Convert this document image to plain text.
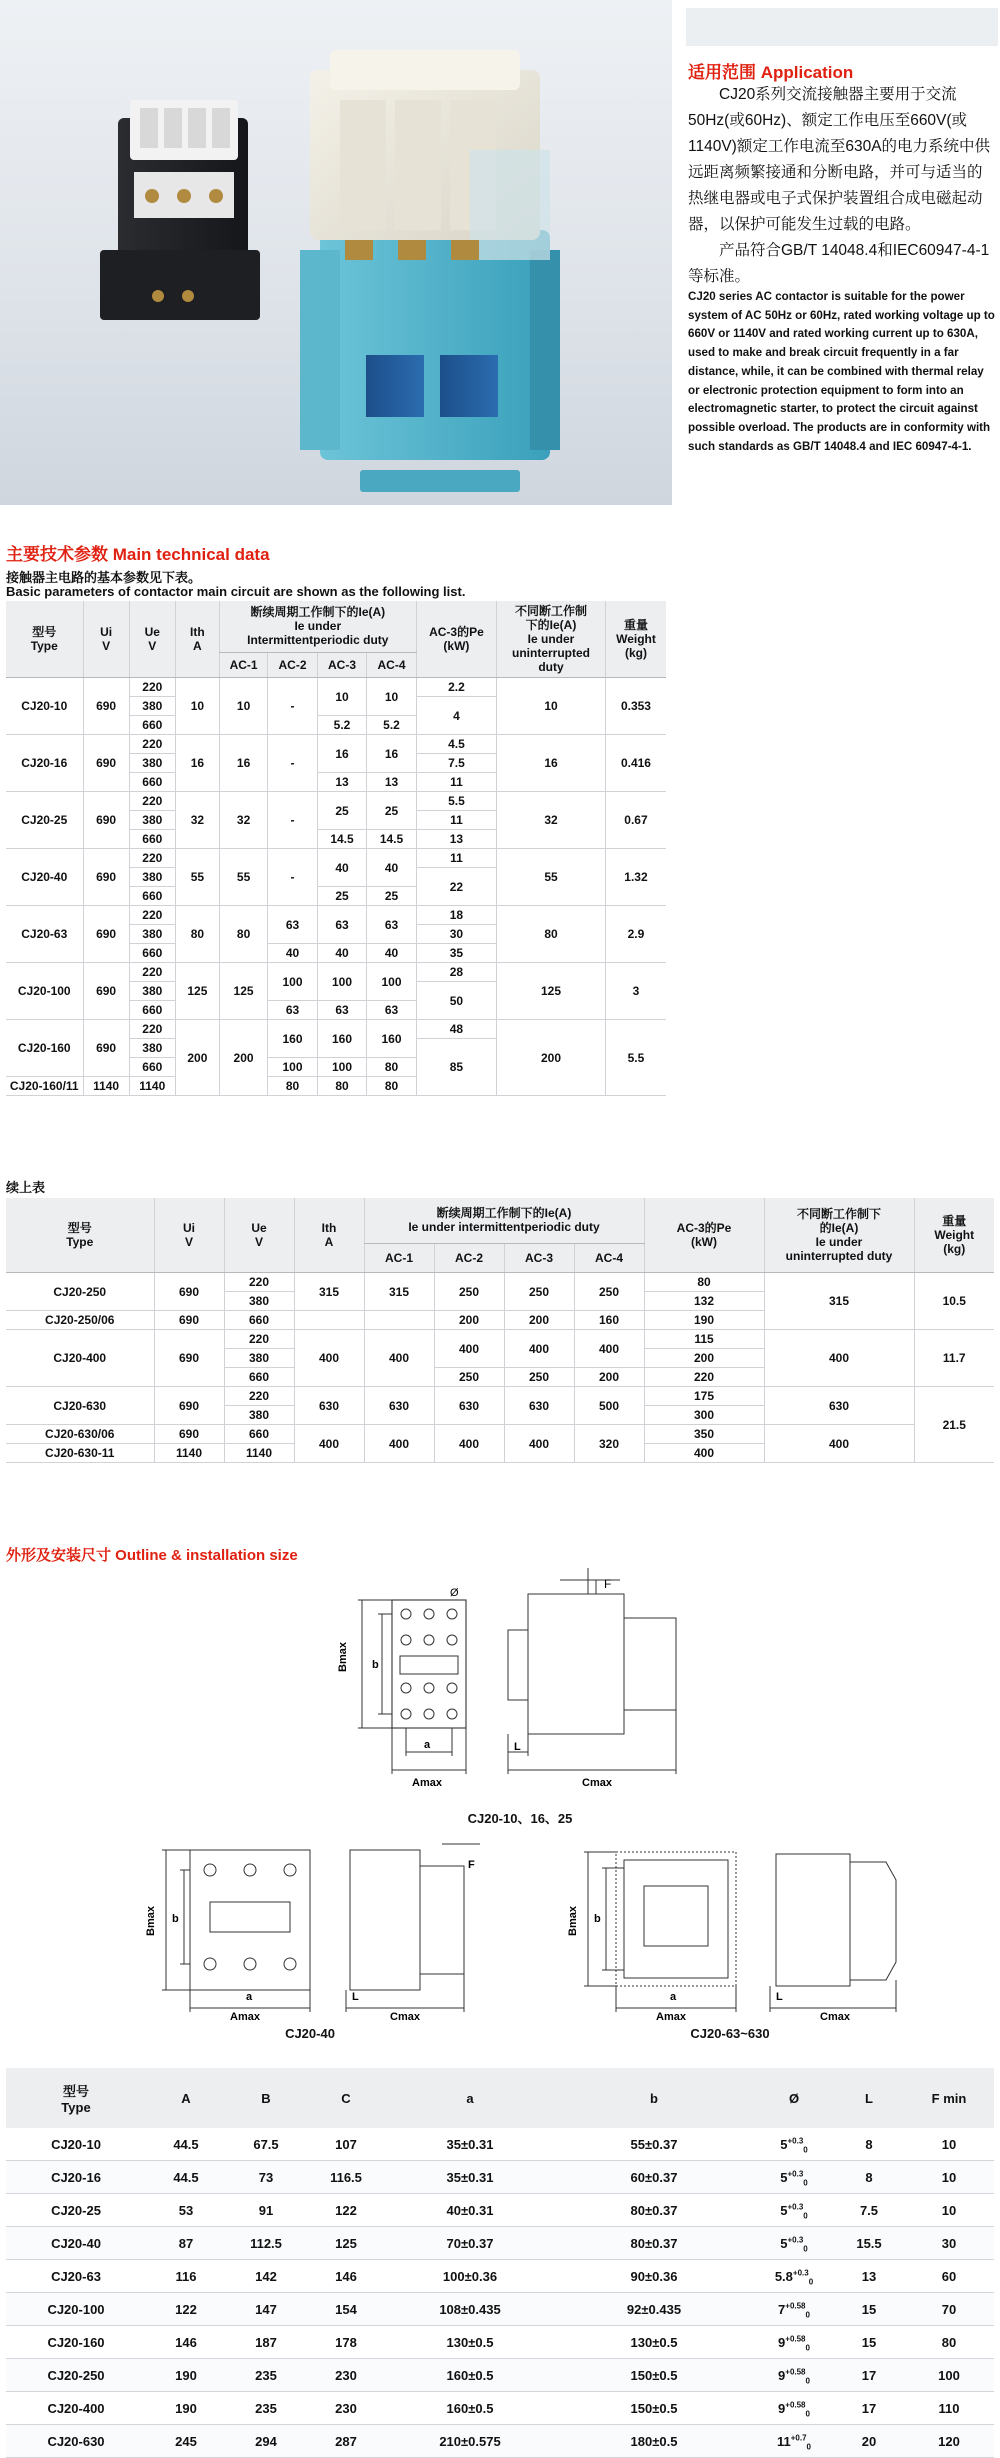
适用范围 Application
CJ20系列交流接触器主要用于交流50Hz(或60Hz)、额定工作电压至660V(或1140V)额定工作电流至630A的电力系统中供远距离频繁接通和分断电路，并可与适当的热继电器或电子式保护装置组合成电磁起动器，以保护可能发生过载的电路。
产品符合GB/T 14048.4和IEC60947-4-1等标准。
CJ20 series AC contactor is suitable for the power system of AC 50Hz or 60Hz, rated working voltage up to 660V or 1140V and rated working current up to 630A, used to make and break circuit frequently in a far distance, while, it can be combined with thermal relay or electronic protection equipment to form into an electromagnetic starter, to protect the circuit against possible overload. The products are in conformity with such standards as GB/T 14048.4 and IEC 60947-4-1.
主要技术参数 Main technical data
接触器主电路的基本参数见下表。
Basic parameters of contactor main circuit are shown as the following list.
型号
Type	Ui
V	Ue
V	Ith
A	断续周期工作制下的Ie(A)
Ie under
Intermittentperiodic duty				AC-3的Pe
(kW)	不同断工作制
下的Ie(A)
Ie under
uninterrupted
duty	重量
Weight
(kg)
				AC-1	AC-2	AC-3	AC-4			
CJ20-10	690	220	10	10	-	10	10	2.2	10	0.353
		380						4		
		660				5.2	5.2			
CJ20-16	690	220	16	16	-	16	16	4.5	16	0.416
		380						7.5		
		660				13	13	11		
CJ20-25	690	220	32	32	-	25	25	5.5	32	0.67
		380						11		
		660				14.5	14.5	13		
CJ20-40	690	220	55	55	-	40	40	11	55	1.32
		380						22		
		660				25	25			
CJ20-63	690	220	80	80	63	63	63	18	80	2.9
		380						30		
		660			40	40	40	35		
CJ20-100	690	220	125	125	100	100	100	28	125	3
		380						50		
		660			63	63	63			
CJ20-160	690	220	200	200	160	160	160	48	200	5.5
		380						85		
		660			100	100	80			
CJ20-160/11	1140	1140			80	80	80			
续上表
型号
Type	Ui
V	Ue
V	Ith
A	断续周期工作制下的Ie(A)
Ie under intermittentperiodic duty				AC-3的Pe
(kW)	不同断工作制下
的Ie(A)
Ie under
uninterrupted duty	重量
Weight
(kg)
				AC-1	AC-2	AC-3	AC-4			
CJ20-250	690	220	315	315	250	250	250	80	315	10.5
		380						132		
CJ20-250/06	690	660			200	200	160	190		
CJ20-400	690	220	400	400	400	400	400	115	400	11.7
		380						200		
		660			250	250	200	220		
CJ20-630	690	220	630	630	630	630	500	175	630	21.5
		380						300		
CJ20-630/06	690	660	400	400	400	400	320	350	400	
CJ20-630-11	1140	1140						400		
外形及安装尺寸 Outline & installation size
F
Ø
Bmax b
a
Amax
L
Cmax
CJ20-10、16、25
Bmax b
a
Amax	Cmax
F
L
CJ20-40
Bmax b
a
Amax	Cmax
L
CJ20-63~630
型号
Type	A	B	C	a	b	Ø	L	F min
CJ20-10	44.5	67.5	107	35±0.31	55±0.37	$5^{+0.3}_0$	8	10
CJ20-16	44.5	73	116.5	35±0.31	60±0.37	$5^{+0.3}_0$	8	10
CJ20-25	53	91	122	40±0.31	80±0.37	$5^{+0.3}_0$	7.5	10
CJ20-40	87	112.5	125	70±0.37	80±0.37	$5^{+0.3}_0$	15.5	30
CJ20-63	116	142	146	100±0.36	90±0.36	$5.8^{+0.3}_0$	13	60
CJ20-100	122	147	154	108±0.435	92±0.435	$7^{+0.58}_0$	15	70
CJ20-160	146	187	178	130±0.5	130±0.5	$9^{+0.58}_0$	15	80
CJ20-250	190	235	230	160±0.5	150±0.5	$9^{+0.58}_0$	17	100
CJ20-400	190	235	230	160±0.5	150±0.5	$9^{+0.58}_0$	17	110
CJ20-630	245	294	287	210±0.575	180±0.5	$11^{+0.7}_0$	20	120
